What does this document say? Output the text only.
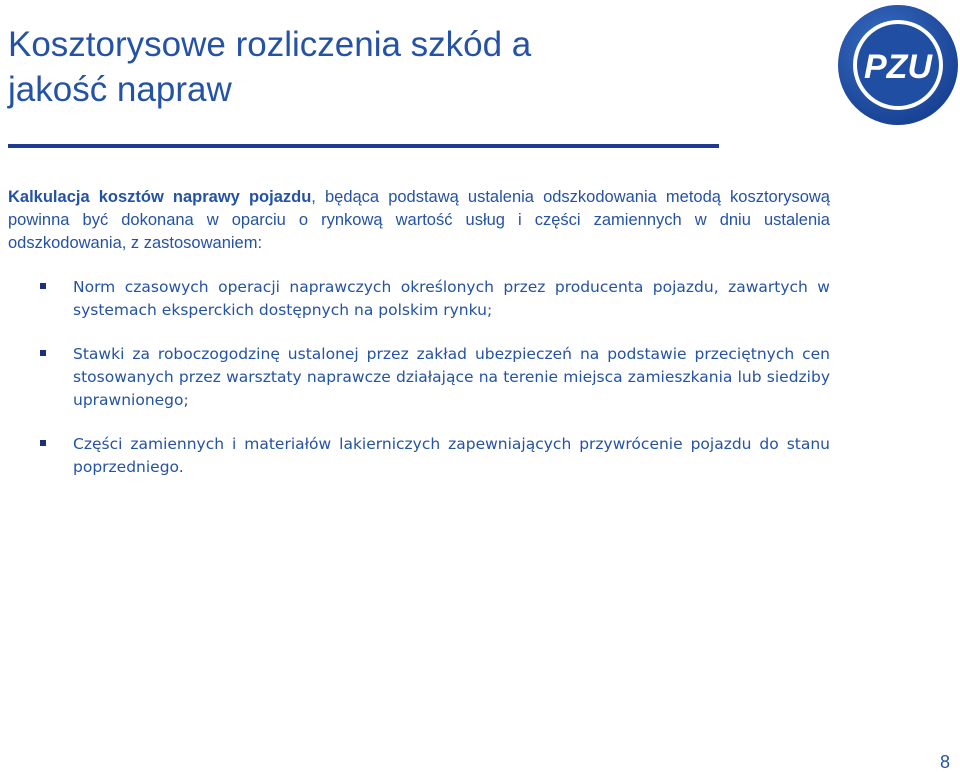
Kosztorysowe rozliczenia szkód a
jakość napraw
PZU

Kalkulacja kosztów naprawy pojazdu, będąca podstawą ustalenia odszkodowania metodą kosztorysową powinna być dokonana w oparciu o rynkową wartość usług i części zamiennych w dniu ustalenia odszkodowania, z zastosowaniem:

Norm czasowych operacji naprawczych określonych przez producenta pojazdu, zawartych w systemach eksperckich dostępnych na polskim rynku;
Stawki za roboczogodzinę ustalonej przez zakład ubezpieczeń na podstawie przeciętnych cen stosowanych przez warsztaty naprawcze działające na terenie miejsca zamieszkania lub siedziby uprawnionego;
Części zamiennych i materiałów lakierniczych zapewniających przywrócenie pojazdu do stanu poprzedniego.
8
